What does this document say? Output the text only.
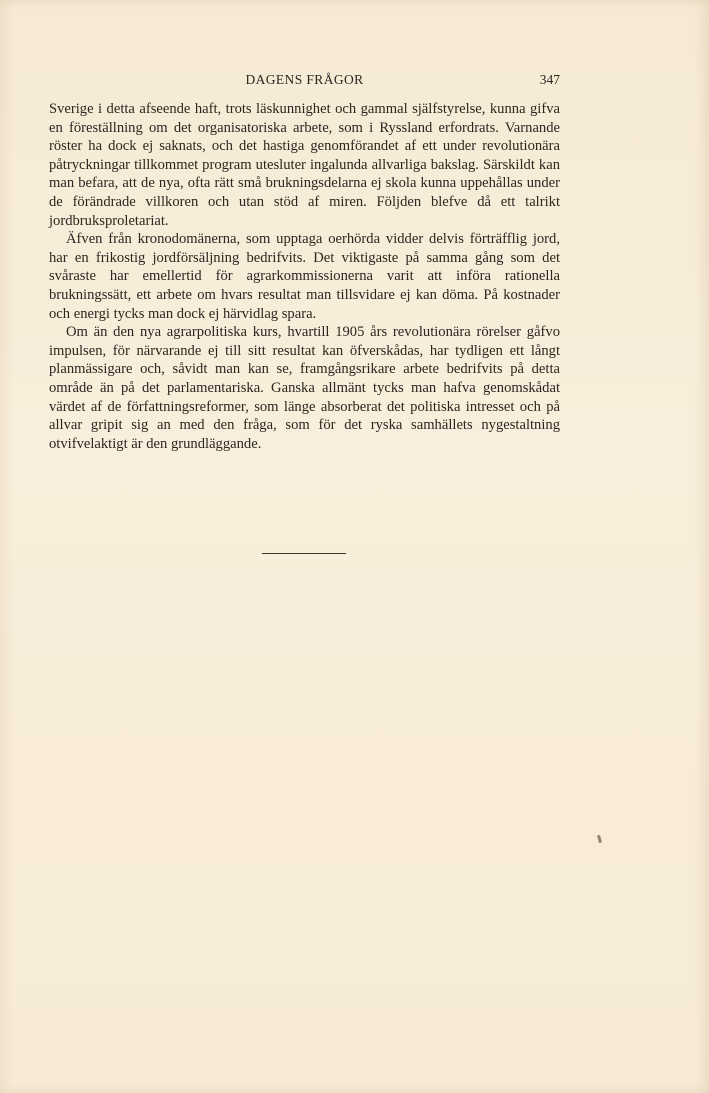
DAGENS FRÅGOR	347

Sverige i detta afseende haft, trots läskunnighet och gammal själfstyrelse, kunna gifva en föreställning om det organisatoriska arbete, som i Ryssland erfordrats. Varnande röster ha dock ej saknats, och det hastiga genomförandet af ett under revolutionära påtryckningar tillkommet program utesluter ingalunda allvarliga bakslag. Särskildt kan man befara, att de nya, ofta rätt små brukningsdelarna ej skola kunna uppehållas under de förändrade villkoren och utan stöd af miren. Följden blefve då ett talrikt jordbruksproletariat.

Äfven från kronodomänerna, som upptaga oerhörda vidder delvis förträfflig jord, har en frikostig jordförsäljning bedrifvits. Det viktigaste på samma gång som det svåraste har emellertid för agrarkommissionerna varit att införa rationella brukningssätt, ett arbete om hvars resultat man tillsvidare ej kan döma. På kostnader och energi tycks man dock ej härvidlag spara.

Om än den nya agrarpolitiska kurs, hvartill 1905 års revolutionära rörelser gåfvo impulsen, för närvarande ej till sitt resultat kan öfverskådas, har tydligen ett långt planmässigare och, såvidt man kan se, framgångsrikare arbete bedrifvits på detta område än på det parlamentariska. Ganska allmänt tycks man hafva genomskådat värdet af de författningsreformer, som länge absorberat det politiska intresset och på allvar gripit sig an med den fråga, som för det ryska samhällets nygestaltning otvifvelaktigt är den grundläggande.
